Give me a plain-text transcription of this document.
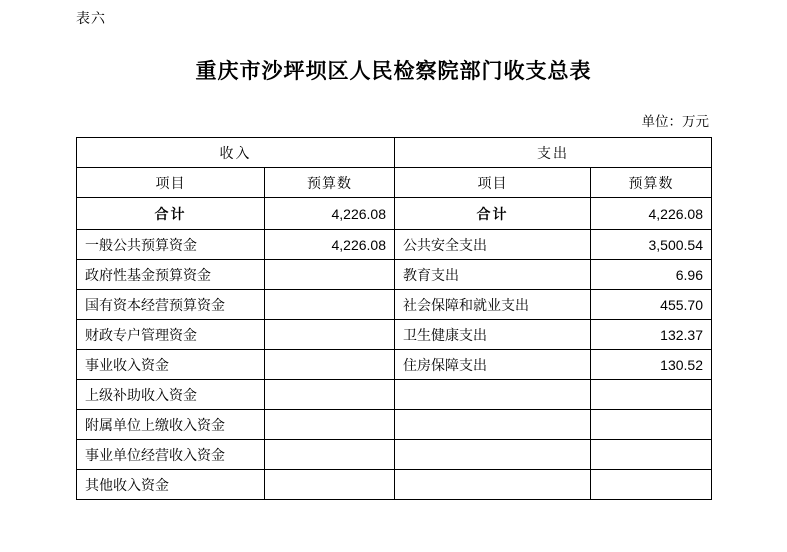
表六
重庆市沙坪坝区人民检察院部门收支总表
单位：万元
收入		支出	
项目	预算数	项目	预算数
合计	4,226.08	合计	4,226.08
一般公共预算资金	4,226.08	公共安全支出	3,500.54
政府性基金预算资金		教育支出	6.96
国有资本经营预算资金		社会保障和就业支出	455.70
财政专户管理资金		卫生健康支出	132.37
事业收入资金		住房保障支出	130.52
上级补助收入资金			
附属单位上缴收入资金			
事业单位经营收入资金			
其他收入资金			
